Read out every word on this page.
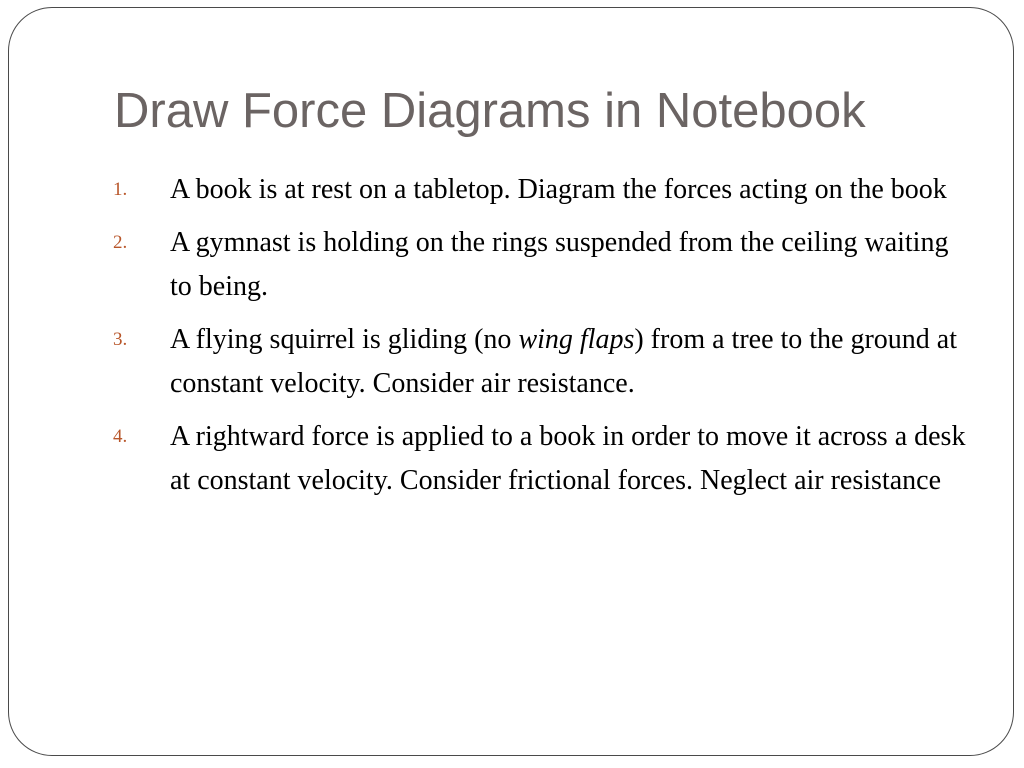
Draw Force Diagrams in Notebook
1.	A book is at rest on a tabletop. Diagram the forces acting on the book
2.	A gymnast is holding on the rings suspended from the ceiling waiting to being.
3.	A flying squirrel is gliding (no wing flaps) from a tree to the ground at constant velocity. Consider air resistance.
4.	A rightward force is applied to a book in order to move it across a desk at constant velocity. Consider frictional forces. Neglect air resistance
